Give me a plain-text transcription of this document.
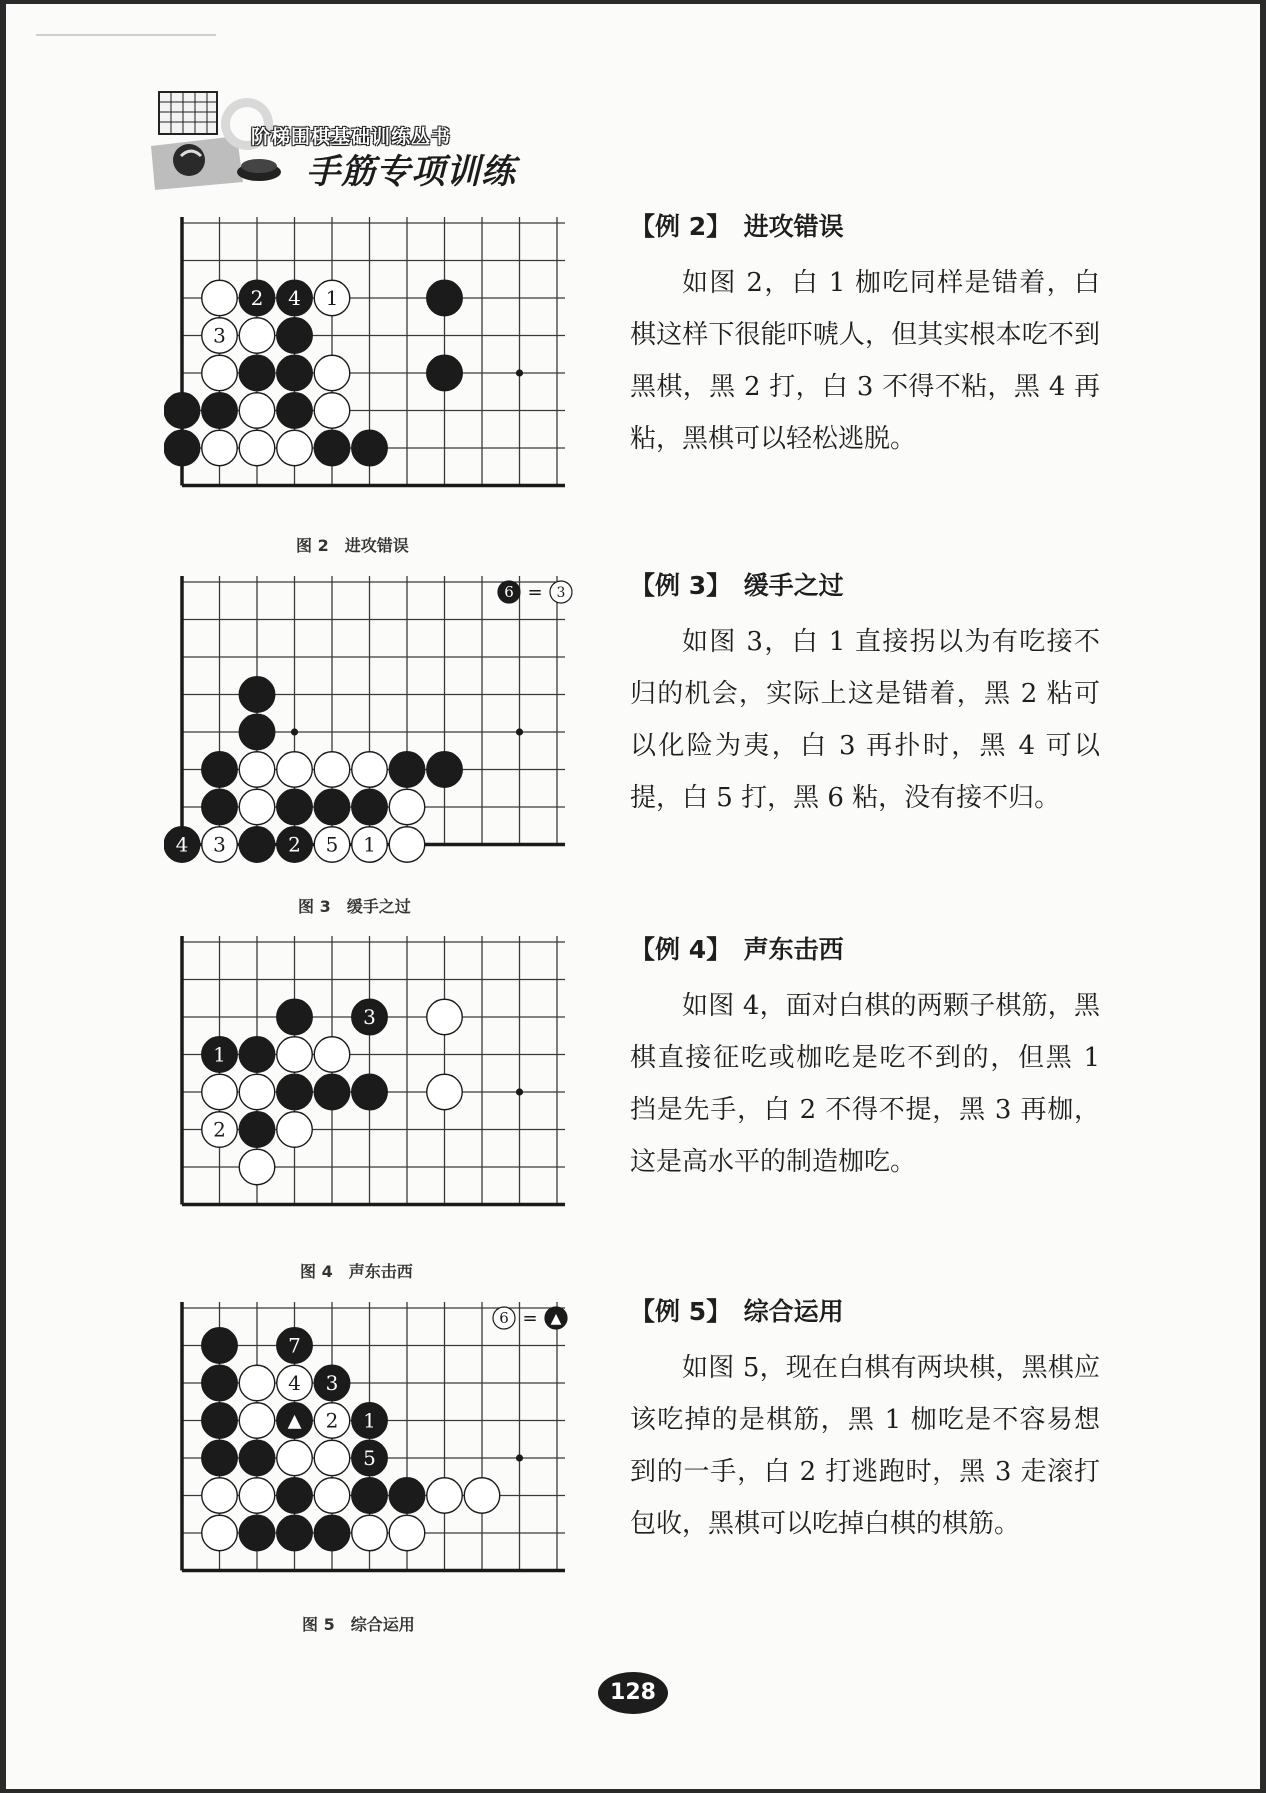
阶梯围棋基础训练丛书
手筋专项训练
2 4 1
3
图 2　进攻错误
【例 2】　进攻错误

如图 2，白 1 枷吃同样是错着，白棋这样下很能吓唬人，但其实根本吃不到黑棋，黑 2 打，白 3 不得不粘，黑 4 再粘，黑棋可以轻松逃脱。

4 3	2 5 1
6 = 3
图 3　缓手之过
【例 3】　缓手之过

如图 3，白 1 直接拐以为有吃接不归的机会，实际上这是错着，黑 2 粘可以化险为夷，白 3 再扑时，黑 4 可以提，白 5 打，黑 6 粘，没有接不归。

3
1
2
图 4　声东击西
【例 4】　声东击西

如图 4，面对白棋的两颗子棋筋，黑棋直接征吃或枷吃是吃不到的，但黑 1 挡是先手，白 2 不得不提，黑 3 再枷，这是高水平的制造枷吃。

7
4 3
▲ 2 1
5
6 = ▲
图 5　综合运用
【例 5】　综合运用

如图 5，现在白棋有两块棋，黑棋应该吃掉的是棋筋，黑 1 枷吃是不容易想到的一手，白 2 打逃跑时，黑 3 走滚打包收，黑棋可以吃掉白棋的棋筋。

128
